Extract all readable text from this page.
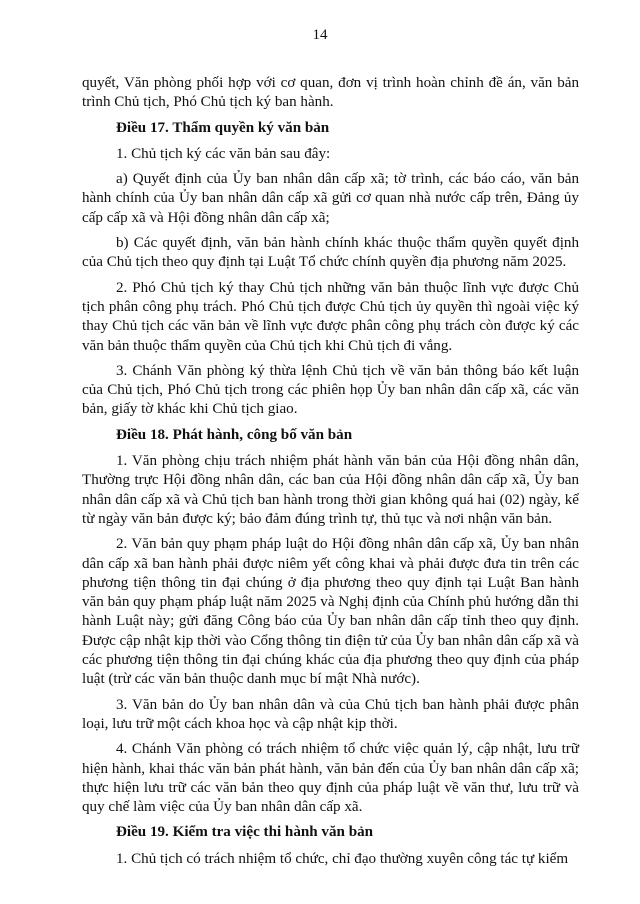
14

quyết, Văn phòng phối hợp với cơ quan, đơn vị trình hoàn chỉnh đề án, văn bản trình Chủ tịch, Phó Chủ tịch ký ban hành.

Điều 17. Thẩm quyền ký văn bản

1. Chủ tịch ký các văn bản sau đây:

a) Quyết định của Ủy ban nhân dân cấp xã; tờ trình, các báo cáo, văn bản hành chính của Ủy ban nhân dân cấp xã gửi cơ quan nhà nước cấp trên, Đảng ủy cấp cấp xã và Hội đồng nhân dân cấp xã;

b) Các quyết định, văn bản hành chính khác thuộc thẩm quyền quyết định của Chủ tịch theo quy định tại Luật Tổ chức chính quyền địa phương năm 2025.

2. Phó Chủ tịch ký thay Chủ tịch những văn bản thuộc lĩnh vực được Chủ tịch phân công phụ trách. Phó Chủ tịch được Chủ tịch ủy quyền thì ngoài việc ký thay Chủ tịch các văn bản về lĩnh vực được phân công phụ trách còn được ký các văn bản thuộc thẩm quyền của Chủ tịch khi Chủ tịch đi vắng.

3. Chánh Văn phòng ký thừa lệnh Chủ tịch về văn bản thông báo kết luận của Chủ tịch, Phó Chủ tịch trong các phiên họp Ủy ban nhân dân cấp xã, các văn bản, giấy tờ khác khi Chủ tịch giao.

Điều 18. Phát hành, công bố văn bản

1. Văn phòng chịu trách nhiệm phát hành văn bản của Hội đồng nhân dân, Thường trực Hội đồng nhân dân, các ban của Hội đồng nhân dân cấp xã, Ủy ban nhân dân cấp xã và Chủ tịch ban hành trong thời gian không quá hai (02) ngày, kể từ ngày văn bản được ký; bảo đảm đúng trình tự, thủ tục và nơi nhận văn bản.

2. Văn bản quy phạm pháp luật do Hội đồng nhân dân cấp xã, Ủy ban nhân dân cấp xã ban hành phải được niêm yết công khai và phải được đưa tin trên các phương tiện thông tin đại chúng ở địa phương theo quy định tại Luật Ban hành văn bản quy phạm pháp luật năm 2025 và Nghị định của Chính phủ hướng dẫn thi hành Luật này; gửi đăng Công báo của Ủy ban nhân dân cấp tỉnh theo quy định. Được cập nhật kịp thời vào Cổng thông tin điện tử của Ủy ban nhân dân cấp xã và các phương tiện thông tin đại chúng khác của địa phương theo quy định của pháp luật (trừ các văn bản thuộc danh mục bí mật Nhà nước).

3. Văn bản do Ủy ban nhân dân và của Chủ tịch ban hành phải được phân loại, lưu trữ một cách khoa học và cập nhật kịp thời.

4. Chánh Văn phòng có trách nhiệm tổ chức việc quản lý, cập nhật, lưu trữ hiện hành, khai thác văn bản phát hành, văn bản đến của Ủy ban nhân dân cấp xã; thực hiện lưu trữ các văn bản theo quy định của pháp luật về văn thư, lưu trữ và quy chế làm việc của Ủy ban nhân dân cấp xã.

Điều 19. Kiểm tra việc thi hành văn bản

1. Chủ tịch có trách nhiệm tổ chức, chỉ đạo thường xuyên công tác tự kiểm
